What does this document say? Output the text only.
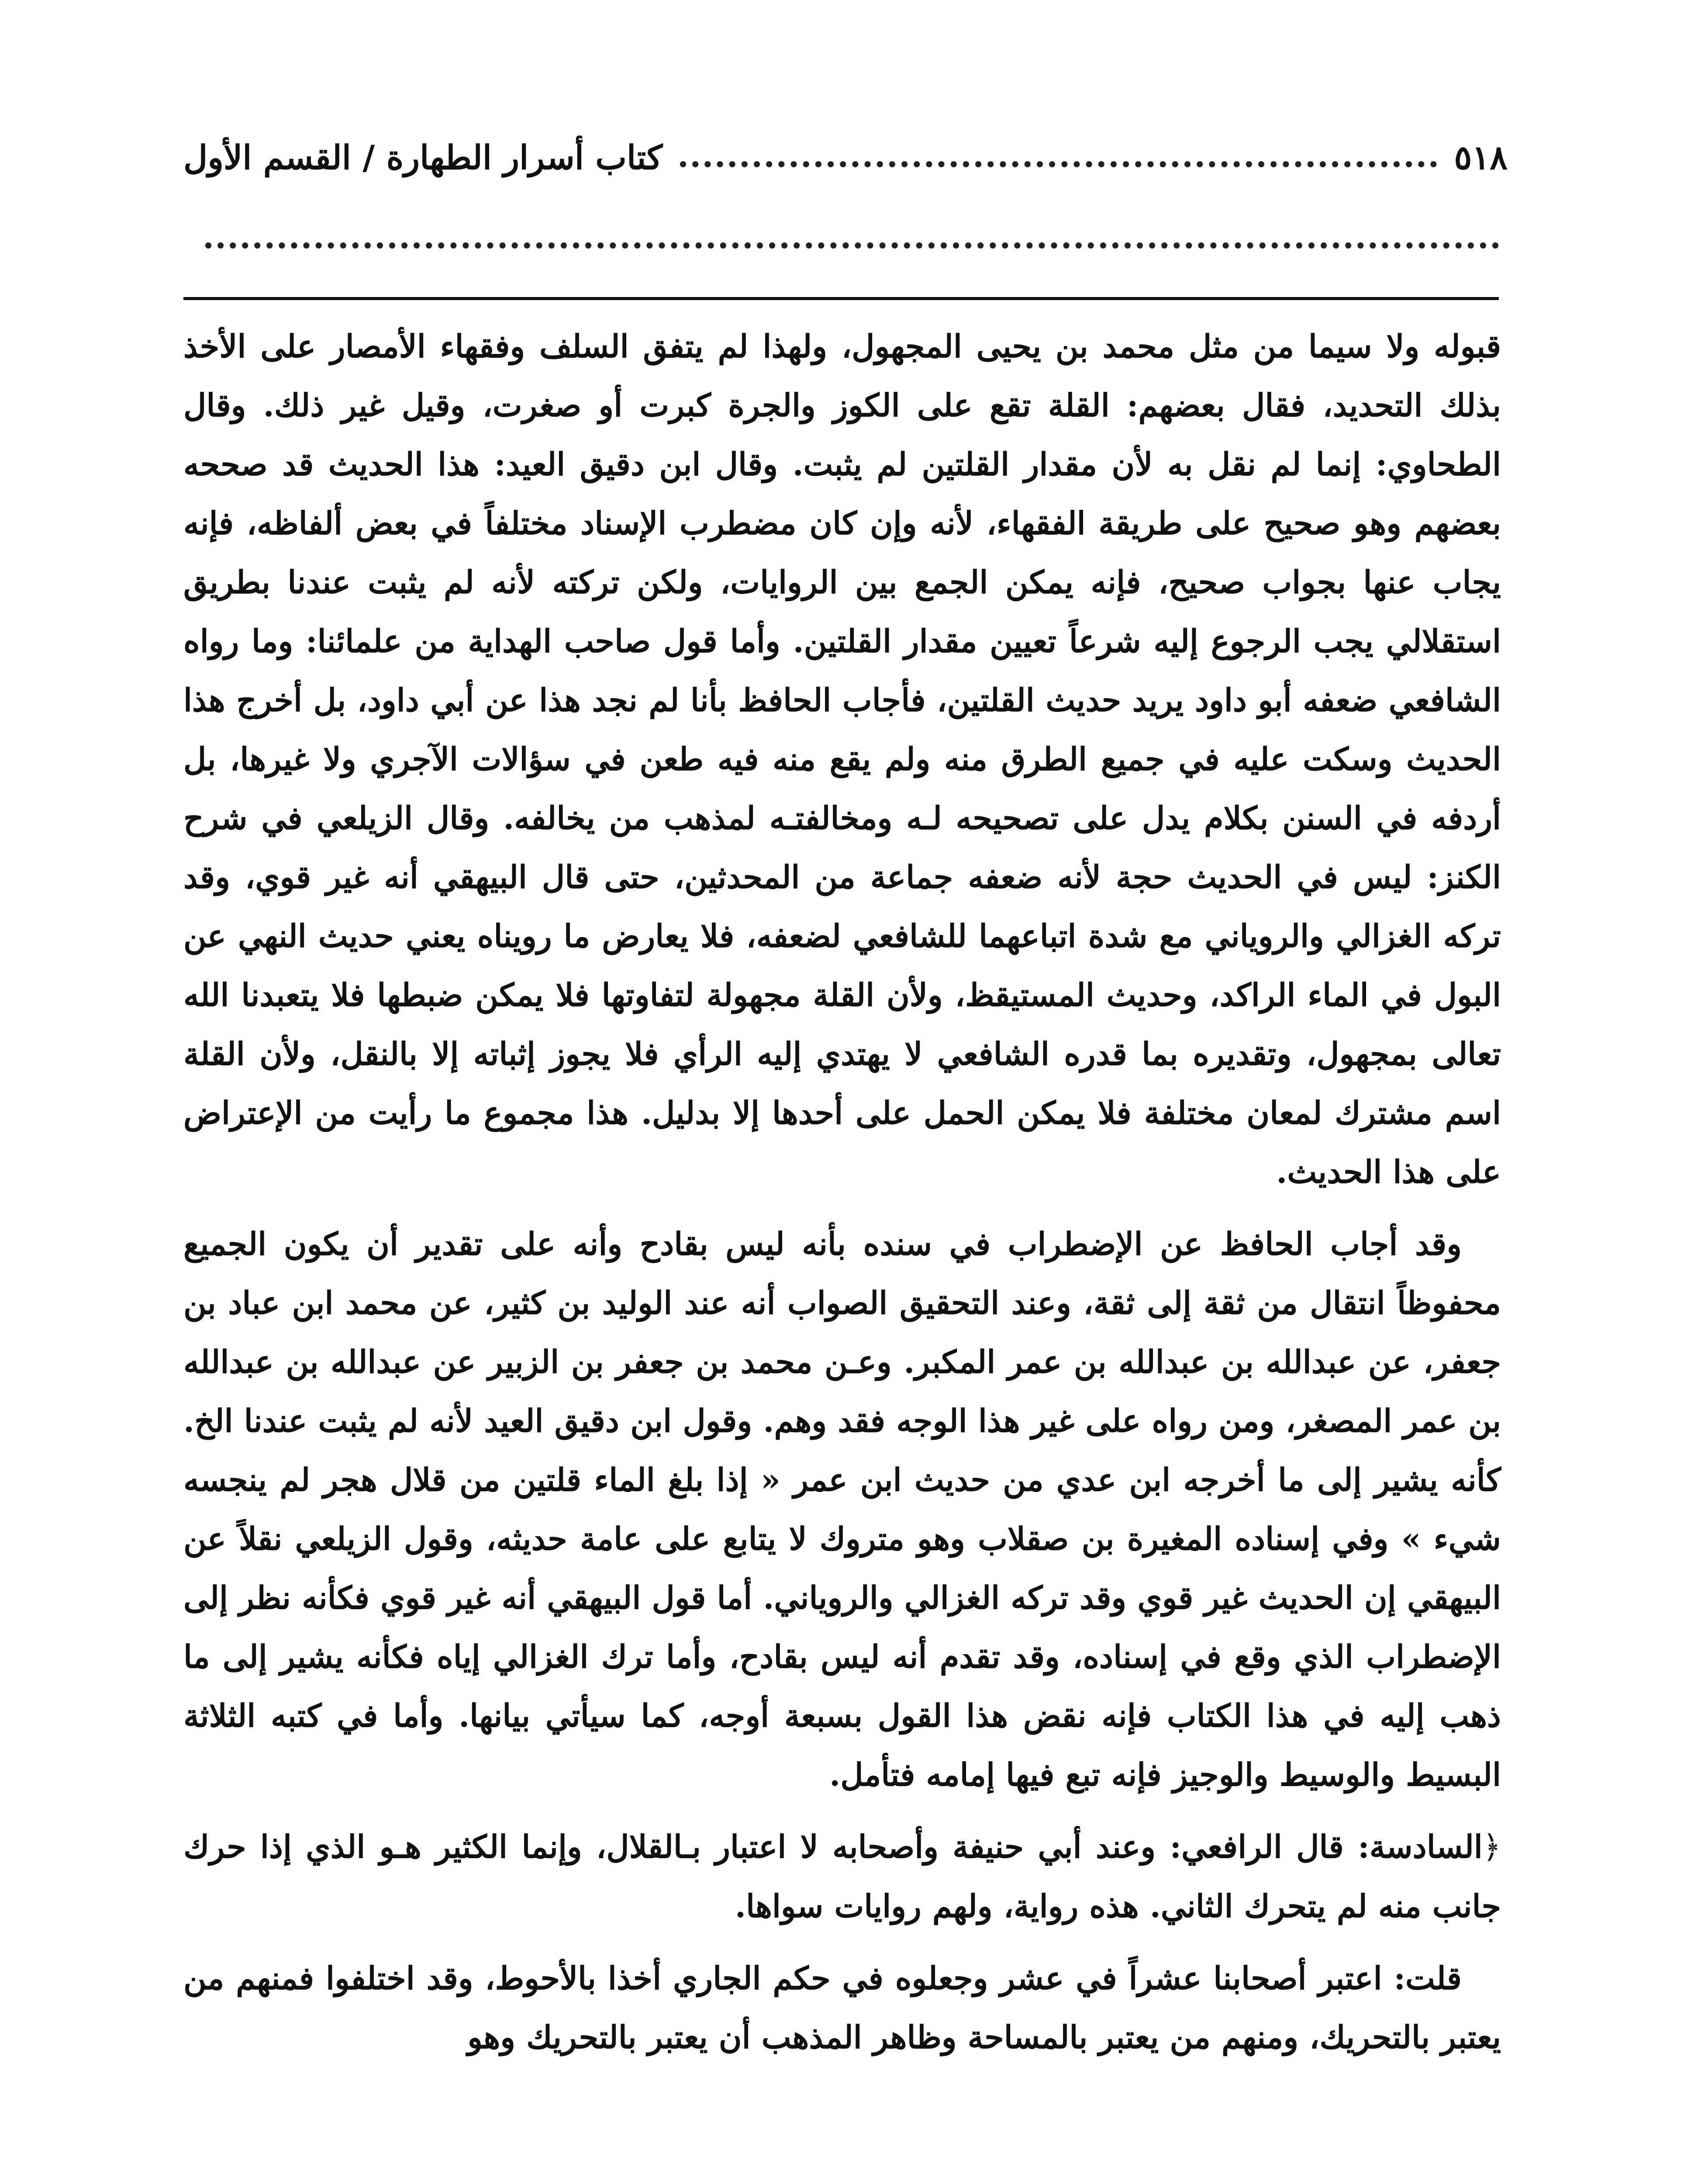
٥١٨
كتاب أسرار الطهارة / القسم الأول

قبوله ولا سيما من مثل محمد بن يحيى المجهول، ولهذا لم يتفق السلف وفقهاء الأمصار على الأخذ بذلك التحديد، فقال بعضهم: القلة تقع على الكوز والجرة كبرت أو صغرت، وقيل غير ذلك. وقال الطحاوي: إنما لم نقل به لأن مقدار القلتين لم يثبت. وقال ابن دقيق العيد: هذا الحديث قد صححه بعضهم وهو صحيح على طريقة الفقهاء، لأنه وإن كان مضطرب الإسناد مختلفاً في بعض ألفاظه، فإنه يجاب عنها بجواب صحيح، فإنه يمكن الجمع بين الروايات، ولكن تركته لأنه لم يثبت عندنا بطريق استقلالي يجب الرجوع إليه شرعاً تعيين مقدار القلتين. وأما قول صاحب الهداية من علمائنا: وما رواه الشافعي ضعفه أبو داود يريد حديث القلتين، فأجاب الحافظ بأنا لم نجد هذا عن أبي داود، بل أخرج هذا الحديث وسكت عليه في جميع الطرق منه ولم يقع منه فيه طعن في سؤالات الآجري ولا غيرها، بل أردفه في السنن بكلام يدل على تصحيحه لـه ومخالفتـه لمذهب من يخالفه. وقال الزيلعي في شرح الكنز: ليس في الحديث حجة لأنه ضعفه جماعة من المحدثين، حتى قال البيهقي أنه غير قوي، وقد تركه الغزالي والروياني مع شدة اتباعهما للشافعي لضعفه، فلا يعارض ما رويناه يعني حديث النهي عن البول في الماء الراكد، وحديث المستيقظ، ولأن القلة مجهولة لتفاوتها فلا يمكن ضبطها فلا يتعبدنا الله تعالى بمجهول، وتقديره بما قدره الشافعي لا يهتدي إليه الرأي فلا يجوز إثباته إلا بالنقل، ولأن القلة اسم مشترك لمعان مختلفة فلا يمكن الحمل على أحدها إلا بدليل. هذا مجموع ما رأيت من الإعتراض على هذا الحديث.

وقد أجاب الحافظ عن الإضطراب في سنده بأنه ليس بقادح وأنه على تقدير أن يكون الجميع محفوظاً انتقال من ثقة إلى ثقة، وعند التحقيق الصواب أنه عند الوليد بن كثير، عن محمد ابن عباد بن جعفر، عن عبدالله بن عبدالله بن عمر المكبر. وعـن محمد بن جعفر بن الزبير عن عبدالله بن عبدالله بن عمر المصغر، ومن رواه على غير هذا الوجه فقد وهم. وقول ابن دقيق العيد لأنه لم يثبت عندنا الخ. كأنه يشير إلى ما أخرجه ابن عدي من حديث ابن عمر « إذا بلغ الماء قلتين من قلال هجر لم ينجسه شيء » وفي إسناده المغيرة بن صقلاب وهو متروك لا يتابع على عامة حديثه، وقول الزيلعي نقلاً عن البيهقي إن الحديث غير قوي وقد تركه الغزالي والروياني. أما قول البيهقي أنه غير قوي فكأنه نظر إلى الإضطراب الذي وقع في إسناده، وقد تقدم أنه ليس بقادح، وأما ترك الغزالي إياه فكأنه يشير إلى ما ذهب إليه في هذا الكتاب فإنه نقض هذا القول بسبعة أوجه، كما سيأتي بيانها. وأما في كتبه الثلاثة البسيط والوسيط والوجيز فإنه تبع فيها إمامه فتأمل.

﴿السادسة: قال الرافعي: وعند أبي حنيفة وأصحابه لا اعتبار بـالقلال، وإنما الكثير هـو الذي إذا حرك جانب منه لم يتحرك الثاني. هذه رواية، ولهم روايات سواها.

قلت: اعتبر أصحابنا عشراً في عشر وجعلوه في حكم الجاري أخذا بالأحوط، وقد اختلفوا فمنهم من يعتبر بالتحريك، ومنهم من يعتبر بالمساحة وظاهر المذهب أن يعتبر بالتحريك وهو
